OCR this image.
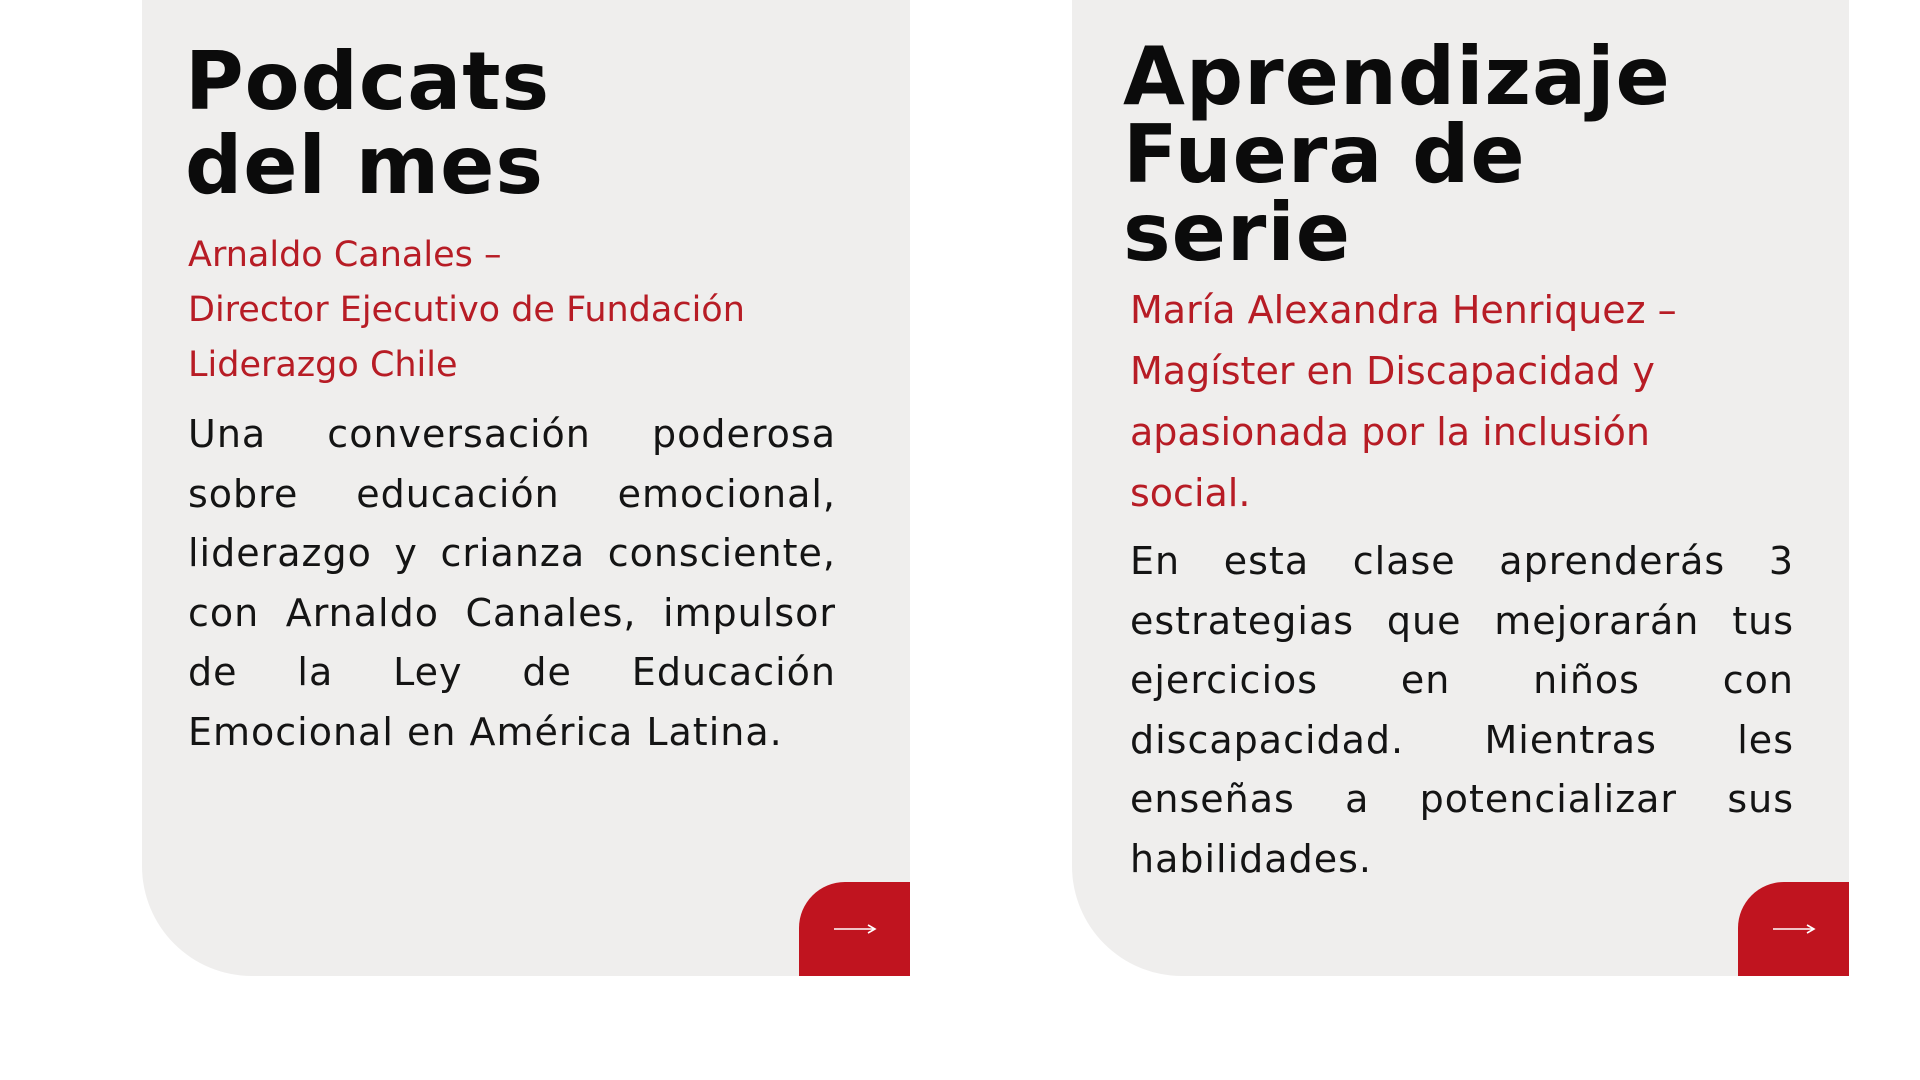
Podcats
del mes

Arnaldo Canales –
Director Ejecutivo de Fundación
Liderazgo Chile

Una conversación poderosa sobre educación emocional, liderazgo y crianza consciente, con Arnaldo Canales, impulsor de la Ley de Educación Emocional en América Latina.

Aprendizaje
Fuera de
serie

María Alexandra Henriquez –
Magíster en Discapacidad y
apasionada por la inclusión
social.

En esta clase aprenderás 3 estrategias que mejorarán tus ejercicios en niños con discapacidad. Mientras les enseñas a potencializar sus habilidades.
